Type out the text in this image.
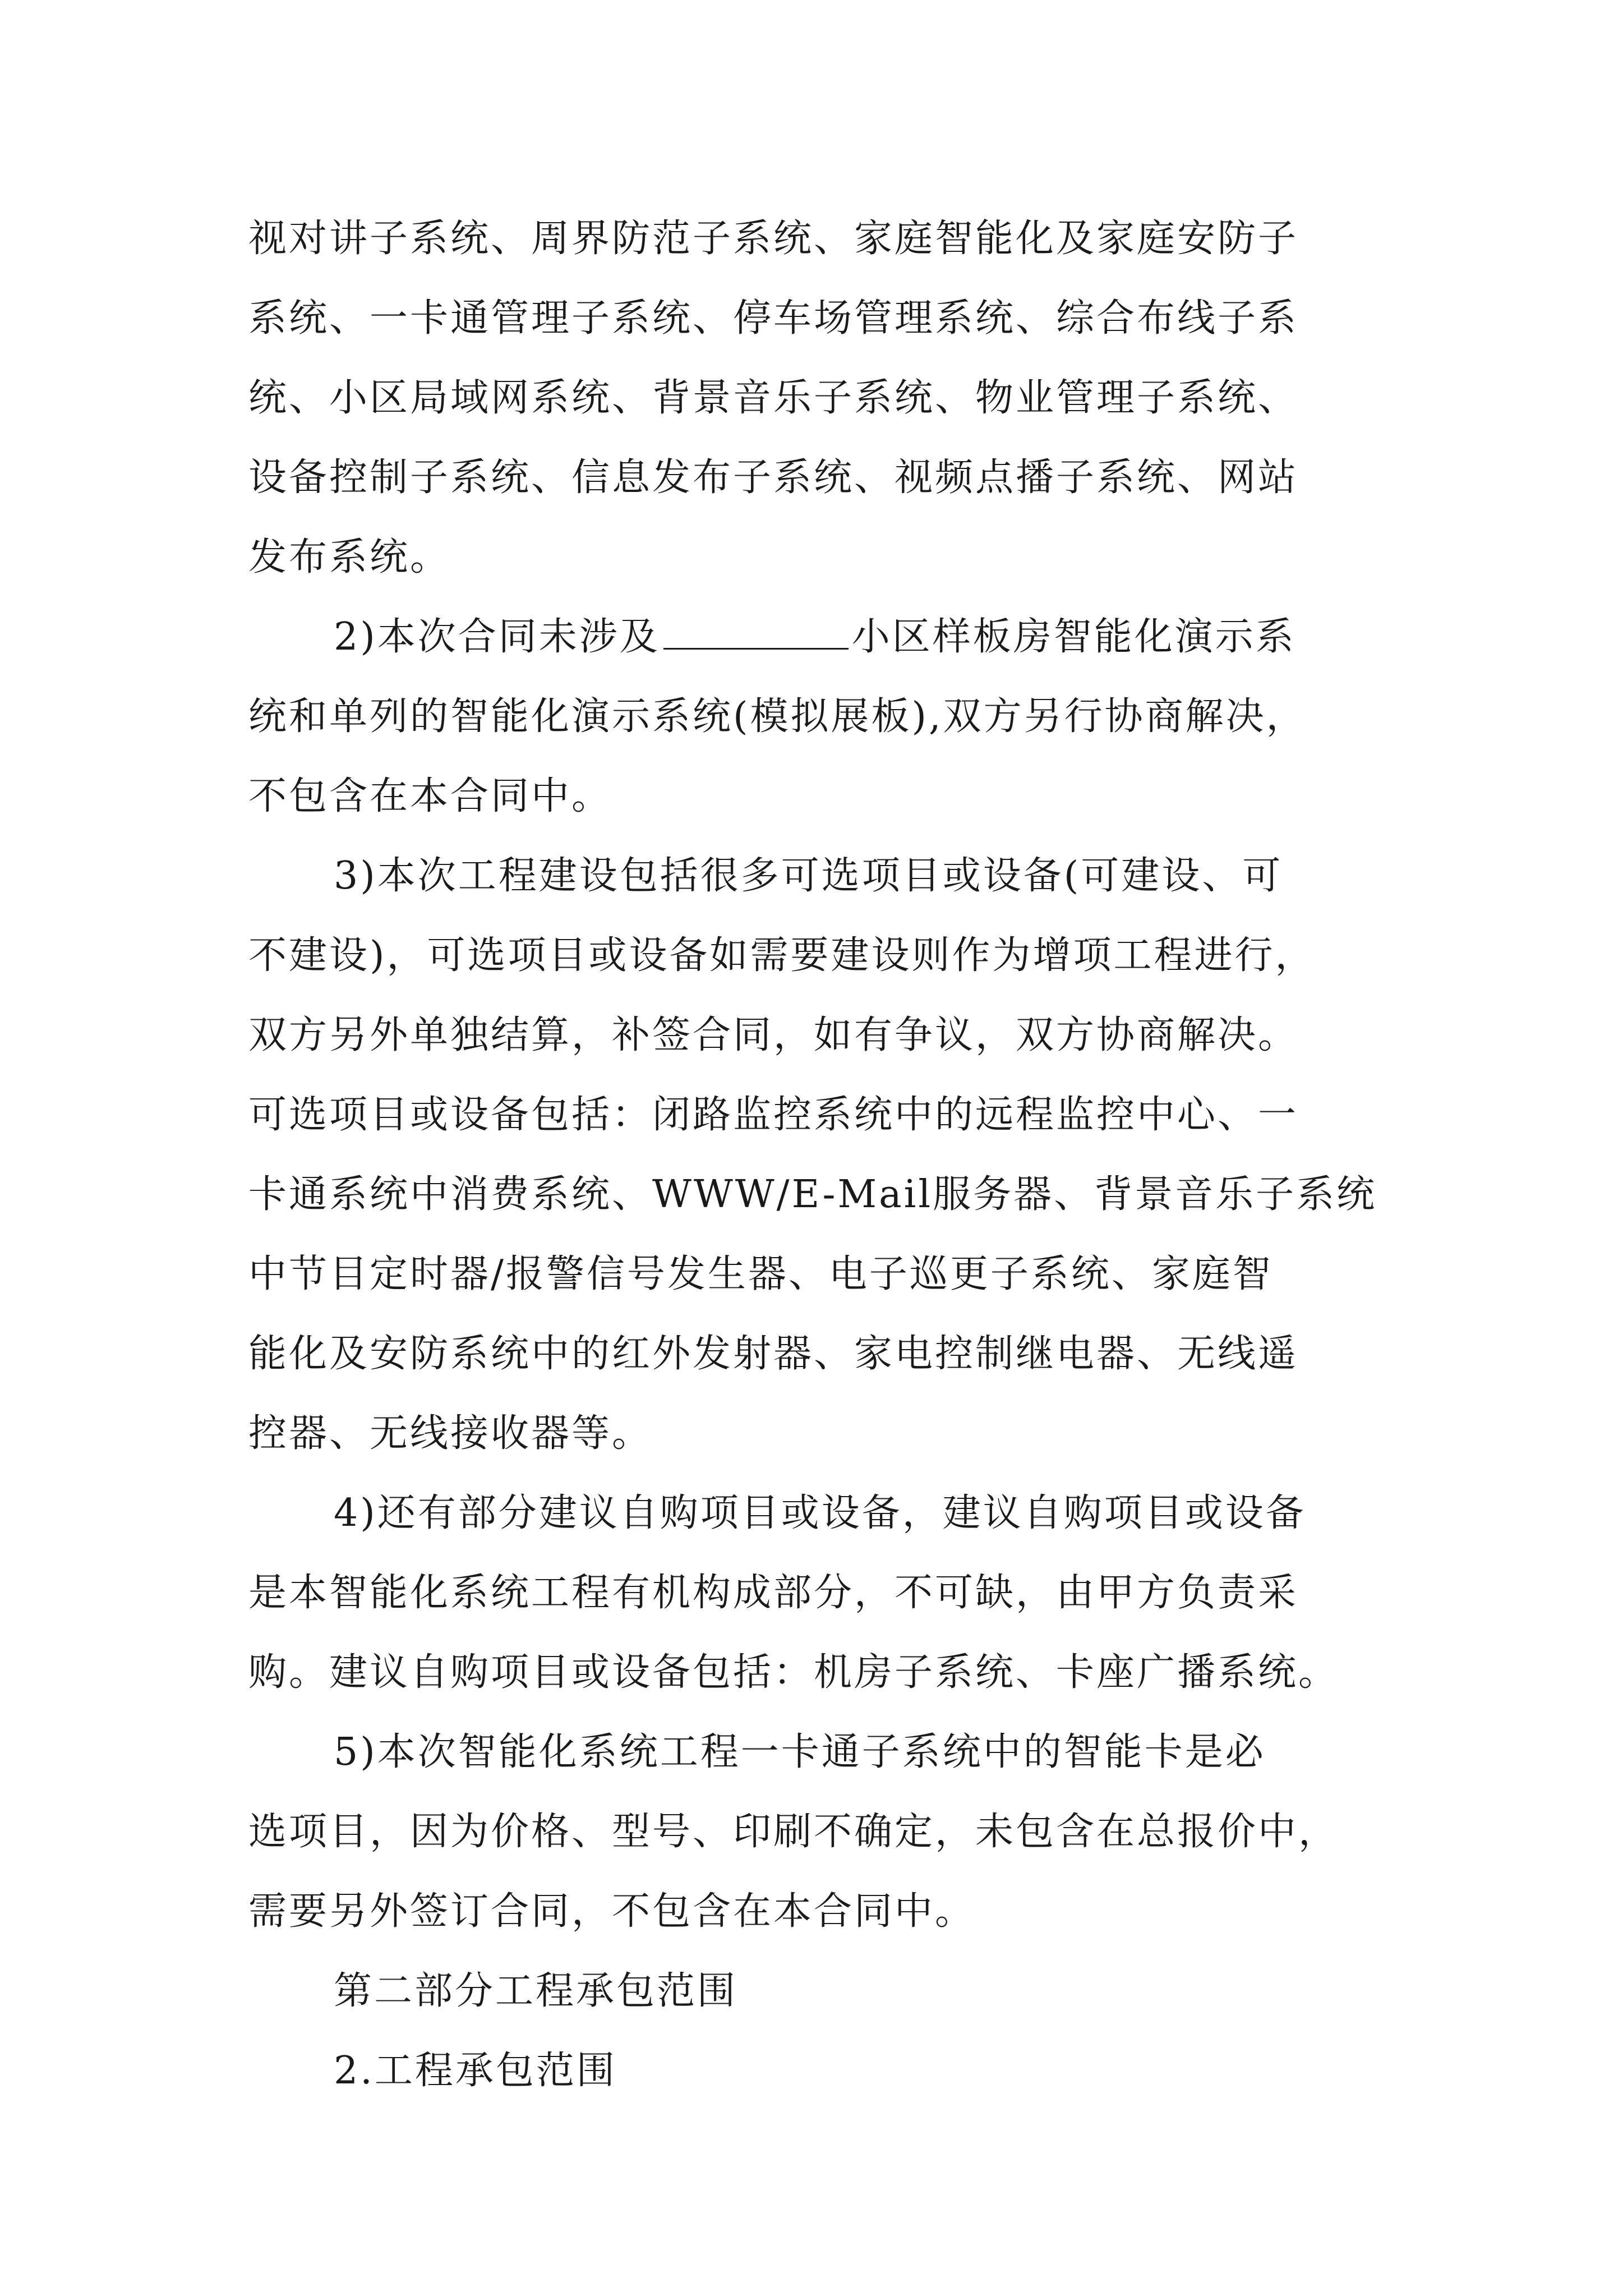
视对讲子系统、周界防范子系统、家庭智能化及家庭安防子
系统、一卡通管理子系统、停车场管理系统、综合布线子系
统、小区局域网系统、背景音乐子系统、物业管理子系统、
设备控制子系统、信息发布子系统、视频点播子系统、网站
发布系统。
2)本次合同未涉及	小区样板房智能化演示系
统和单列的智能化演示系统(模拟展板),双方另行协商解决，
不包含在本合同中。
3)本次工程建设包括很多可选项目或设备(可建设、可
不建设)，可选项目或设备如需要建设则作为增项工程进行，
双方另外单独结算，补签合同，如有争议，双方协商解决。
可选项目或设备包括：闭路监控系统中的远程监控中心、一
卡通系统中消费系统、WWW/E-Mail服务器、背景音乐子系统
中节目定时器/报警信号发生器、电子巡更子系统、家庭智
能化及安防系统中的红外发射器、家电控制继电器、无线遥
控器、无线接收器等。
4)还有部分建议自购项目或设备，建议自购项目或设备
是本智能化系统工程有机构成部分，不可缺，由甲方负责采
购。建议自购项目或设备包括：机房子系统、卡座广播系统。
5)本次智能化系统工程一卡通子系统中的智能卡是必
选项目，因为价格、型号、印刷不确定，未包含在总报价中，
需要另外签订合同，不包含在本合同中。
第二部分工程承包范围
2.工程承包范围
